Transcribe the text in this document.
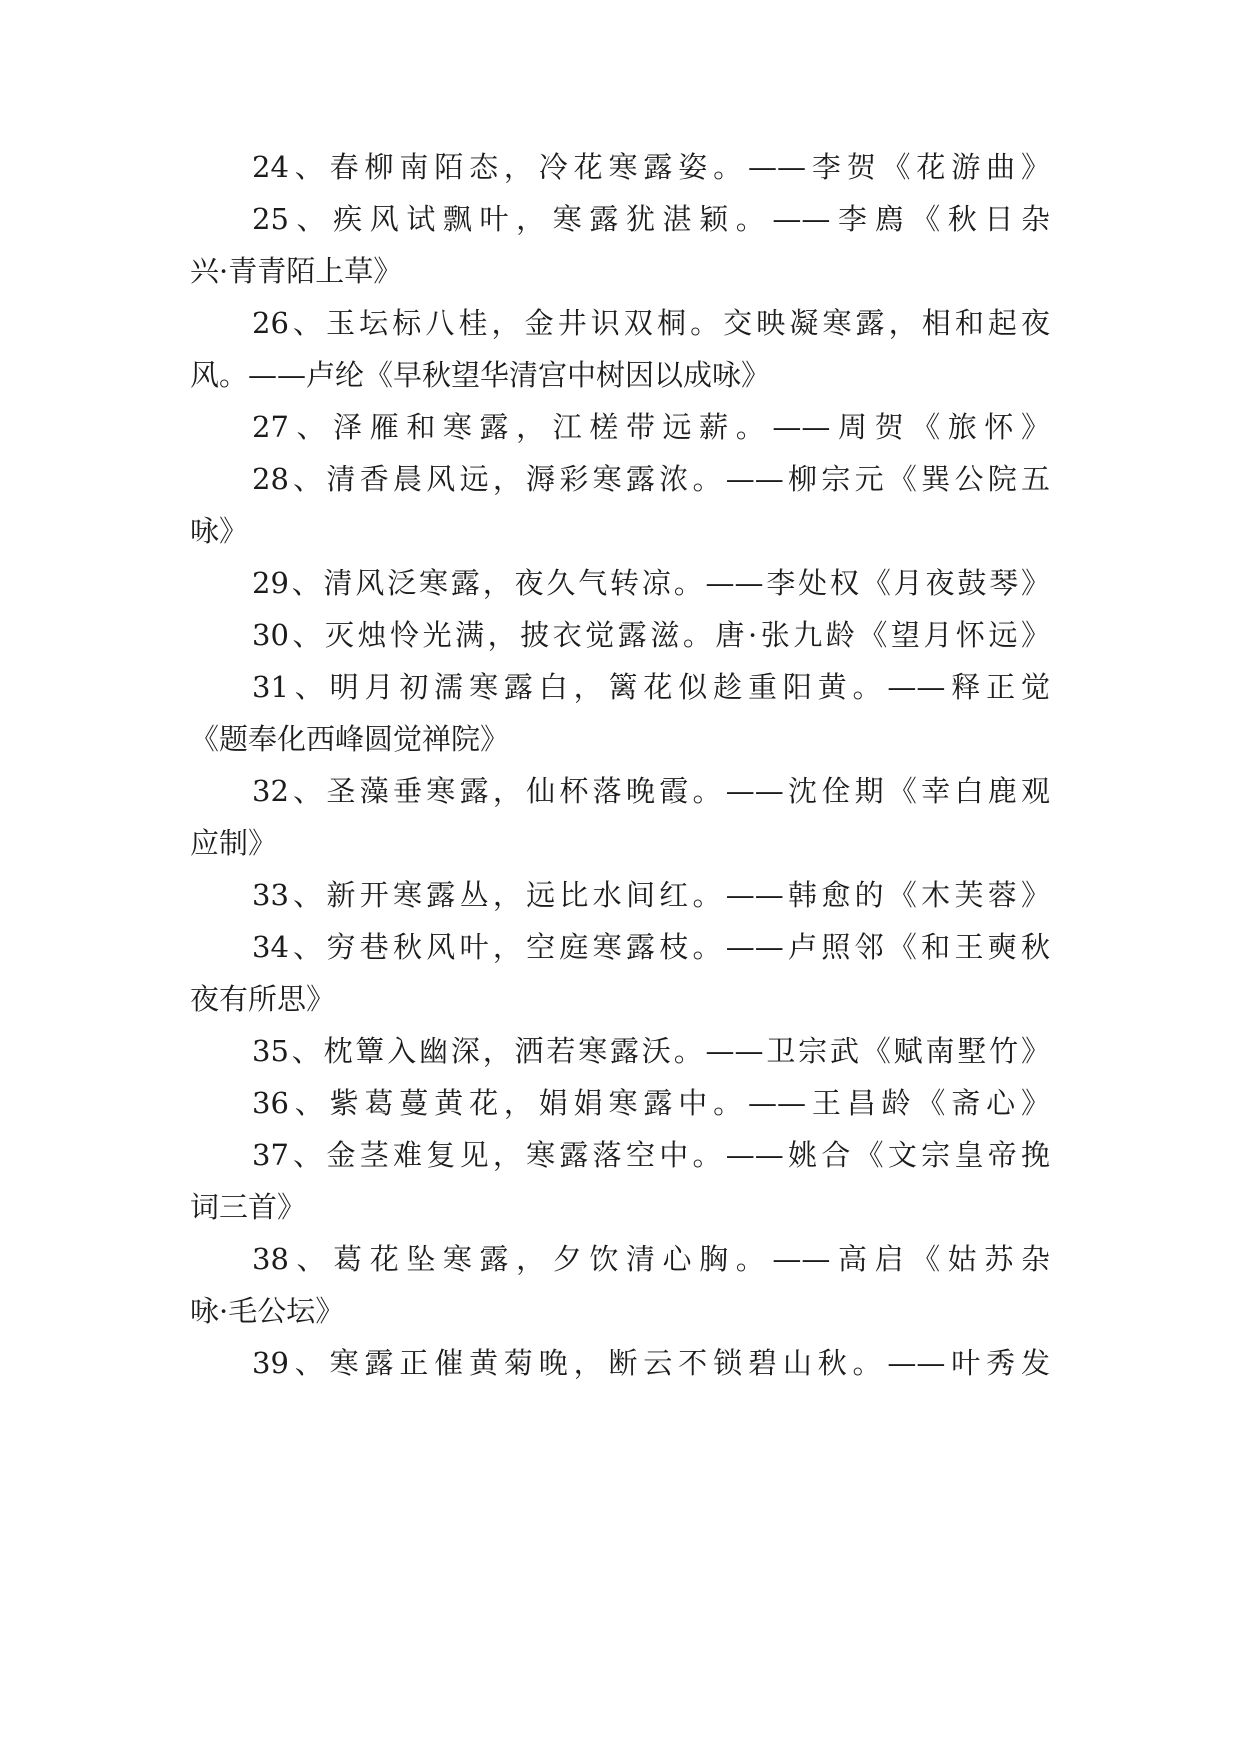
24、春柳南陌态，冷花寒露姿。——李贺《花游曲》
25、疾风试飘叶，寒露犹湛颖。——李廌《秋日杂
兴·青青陌上草》
26、玉坛标八桂，金井识双桐。交映凝寒露，相和起夜
风。——卢纶《早秋望华清宫中树因以成咏》
27、泽雁和寒露，江槎带远薪。——周贺《旅怀》
28、清香晨风远，溽彩寒露浓。——柳宗元《巽公院五
咏》
29、清风泛寒露，夜久气转凉。——李处权《月夜鼓琴》
30、灭烛怜光满，披衣觉露滋。唐·张九龄《望月怀远》
31、明月初濡寒露白，篱花似趁重阳黄。——释正觉
《题奉化西峰圆觉禅院》
32、圣藻垂寒露，仙杯落晚霞。——沈佺期《幸白鹿观
应制》
33、新开寒露丛，远比水间红。——韩愈的《木芙蓉》
34、穷巷秋风叶，空庭寒露枝。——卢照邻《和王奭秋
夜有所思》
35、枕簟入幽深，洒若寒露沃。——卫宗武《赋南墅竹》
36、紫葛蔓黄花，娟娟寒露中。——王昌龄《斋心》
37、金茎难复见，寒露落空中。——姚合《文宗皇帝挽
词三首》
38、葛花坠寒露，夕饮清心胸。——高启《姑苏杂
咏·毛公坛》
39、寒露正催黄菊晚，断云不锁碧山秋。——叶秀发
